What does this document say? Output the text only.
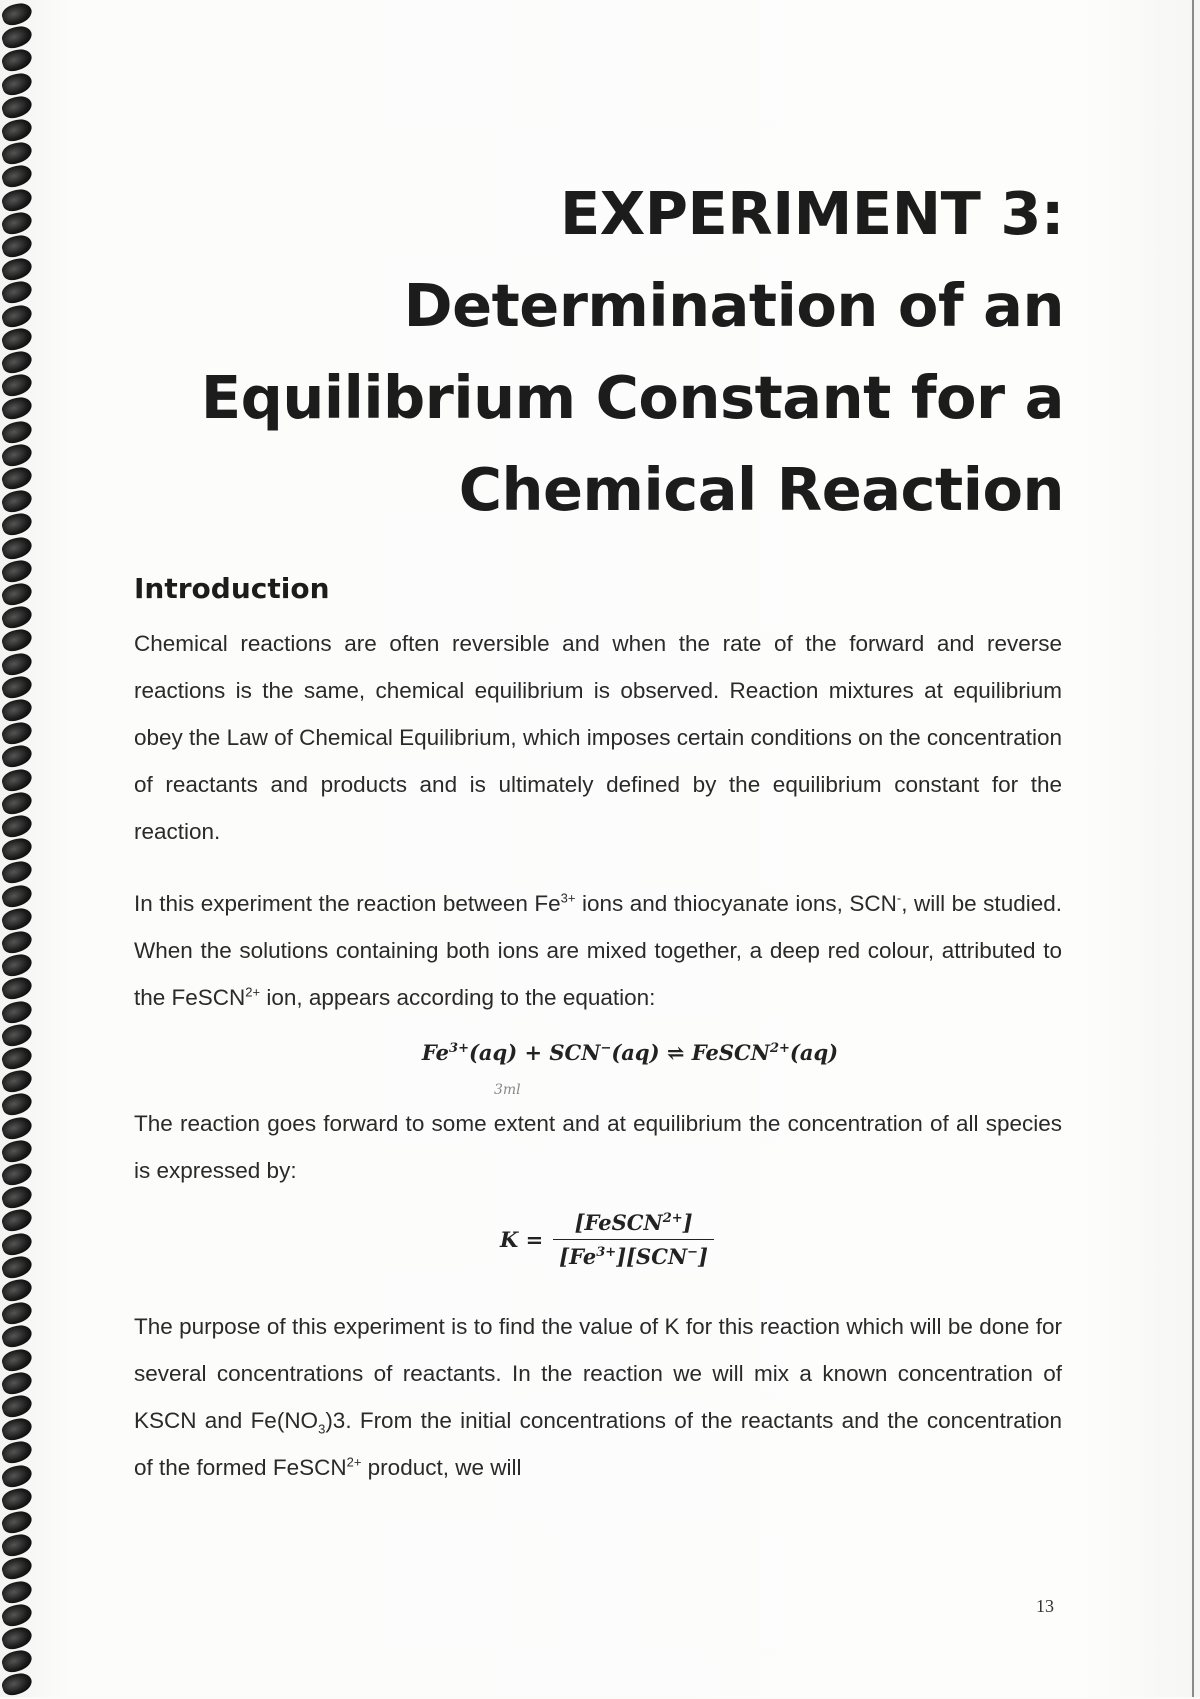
EXPERIMENT 3:
Determination of an
Equilibrium Constant for a
Chemical Reaction
Introduction

Chemical reactions are often reversible and when the rate of the forward and reverse reactions is the same, chemical equilibrium is observed. Reaction mixtures at equilibrium obey the Law of Chemical Equilibrium, which imposes certain conditions on the concentration of reactants and products and is ultimately defined by the equilibrium constant for the reaction.

In this experiment the reaction between $Fe^{3+}$ ions and thiocyanate ions, SCN-, will be studied. When the solutions containing both ions are mixed together, a deep red colour, attributed to the FeSCN$^{2+}$ ion, appears according to the equation:

$Fe^{3+}(aq) + SCN^-(aq)$ ⇌ FeSCN$^{2+}$(aq)
3ml

The reaction goes forward to some extent and at equilibrium the concentration of all species is expressed by:

$K = \frac{[FeSCN^{2+}]}{[Fe^{3+}][SCN^-]}$

The purpose of this experiment is to find the value of K for this reaction which will be done for several concentrations of reactants. In the reaction we will mix a known concentration of KSCN and $Fe(NO_3)3$. From the initial concentrations of the reactants and the concentration of the formed FeSCN$^{2+}$ product, we will

13
